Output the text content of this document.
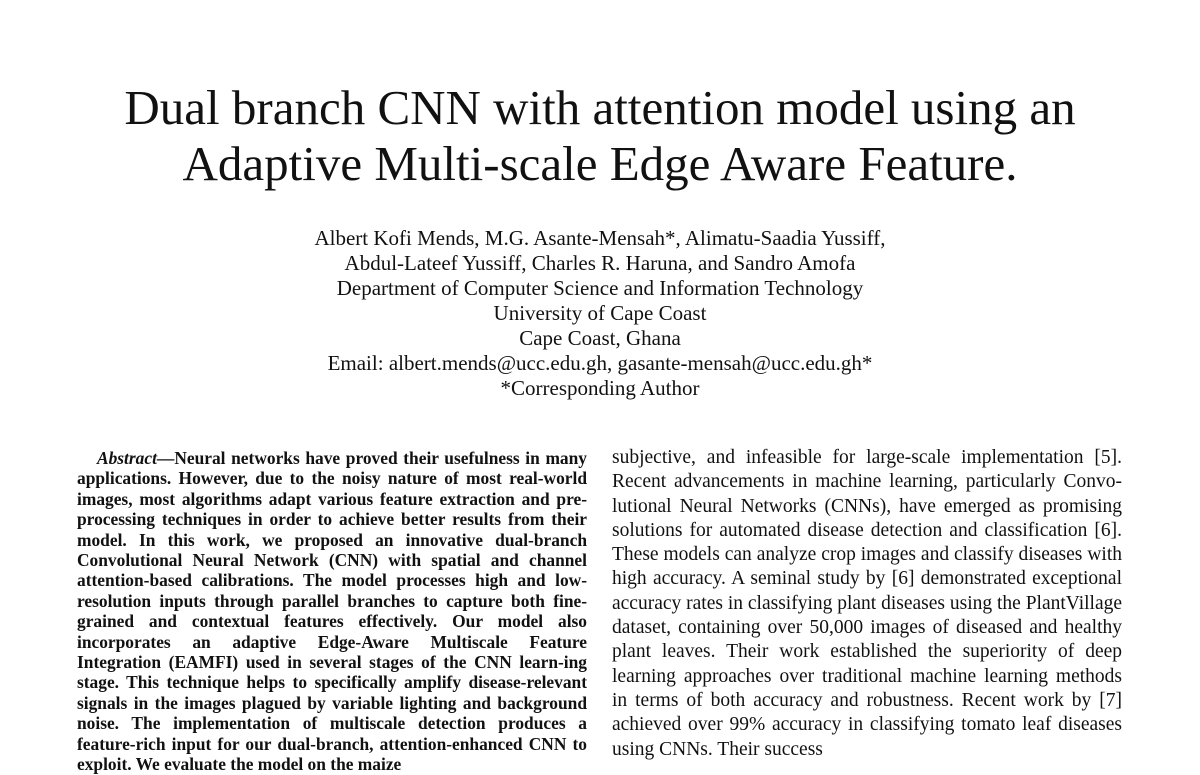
Dual branch CNN with attention model using an
Adaptive Multi-scale Edge Aware Feature.
Albert Kofi Mends, M.G. Asante-Mensah*, Alimatu-Saadia Yussiff,
Abdul-Lateef Yussiff, Charles R. Haruna, and Sandro Amofa
Department of Computer Science and Information Technology
University of Cape Coast
Cape Coast, Ghana
Email: albert.mends@ucc.edu.gh, gasante-mensah@ucc.edu.gh*
*Corresponding Author

Abstract—Neural networks have proved their usefulness in many applications. However, due to the noisy nature of most real-world images, most algorithms adapt various feature extraction and pre-processing techniques in order to achieve better results from their model. In this work, we proposed an innovative dual-branch Convolutional Neural Network (CNN) with spatial and channel attention-based calibrations. The model processes high and low-resolution inputs through parallel branches to capture both fine-grained and contextual features effectively. Our model also incorporates an adaptive Edge-Aware Multiscale Feature Integration (EAMFI) used in several stages of the CNN learn-ing stage. This technique helps to specifically amplify disease-relevant signals in the images plagued by variable lighting and background noise. The implementation of multiscale detection produces a feature-rich input for our dual-branch, attention-enhanced CNN to exploit. We evaluate the model on the maize

subjective, and infeasible for large-scale implementation [5]. Recent advancements in machine learning, particularly Convo-lutional Neural Networks (CNNs), have emerged as promising solutions for automated disease detection and classification [6]. These models can analyze crop images and classify diseases with high accuracy. A seminal study by [6] demonstrated exceptional accuracy rates in classifying plant diseases using the PlantVillage dataset, containing over 50,000 images of diseased and healthy plant leaves. Their work established the superiority of deep learning approaches over traditional machine learning methods in terms of both accuracy and robustness. Recent work by [7] achieved over 99% accuracy in classifying tomato leaf diseases using CNNs. Their success
